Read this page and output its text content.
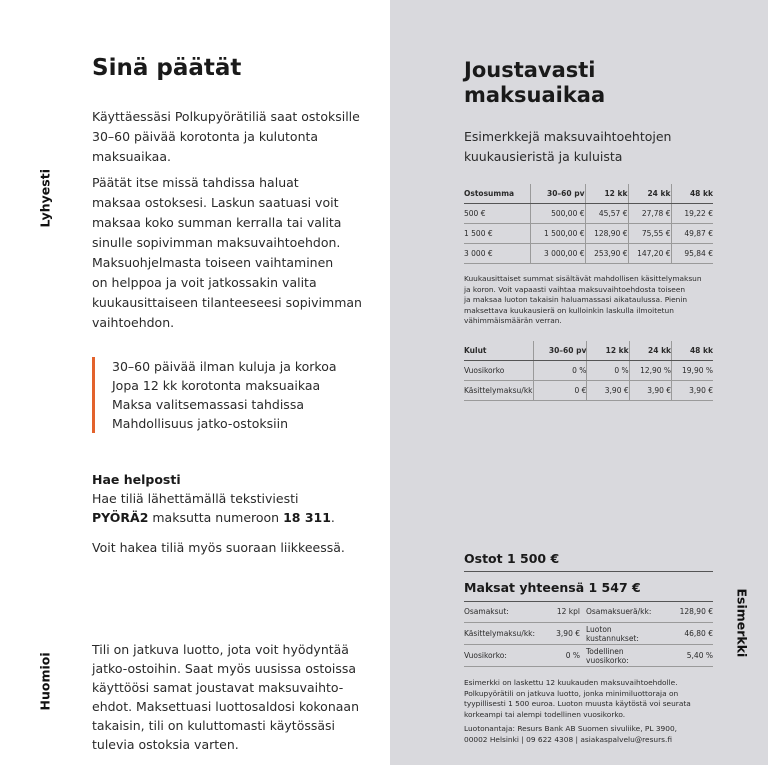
Lyhyesti
Huomioi
Sinä päätät
Käyttäessäsi Polkupyörätiliä saat ostoksille
30–60 päivää korotonta ja kulutonta
maksuaikaa.
Päätät itse missä tahdissa haluat
maksaa ostoksesi. Laskun saatuasi voit
maksaa koko summan kerralla tai valita
sinulle sopivimman maksuvaihtoehdon.
Maksuohjelmasta toiseen vaihtaminen
on helppoa ja voit jatkossakin valita
kuukausittaiseen tilanteeseesi sopivimman
vaihtoehdon.
30–60 päivää ilman kuluja ja korkoa
Jopa 12 kk korotonta maksuaikaa
Maksa valitsemassasi tahdissa
Mahdollisuus jatko-ostoksiin
Hae helposti
Hae tiliä lähettämällä tekstiviesti
PYÖRÄ2 maksutta numeroon 18 311.
Voit hakea tiliä myös suoraan liikkeessä.
Tili on jatkuva luotto, jota voit hyödyntää
jatko-ostoihin. Saat myös uusissa ostoissa
käyttöösi samat joustavat maksuvaihto-
ehdot. Maksettuasi luottosaldosi kokonaan
takaisin, tili on kuluttomasti käytössäsi
tulevia ostoksia varten.
Joustavasti
maksuaikaa
Esimerkkejä maksuvaihtoehtojen
kuukausieristä ja kuluista
Esimerkki
Ostosumma	30–60 pv	12 kk	24 kk	48 kk
500 €	500,00 €	45,57 €	27,78 €	19,22 €
1 500 €	1 500,00 €	128,90 €	75,55 €	49,87 €
3 000 €	3 000,00 €	253,90 €	147,20 €	95,84 €
Kuukausittaiset summat sisältävät mahdollisen käsittelymaksun
ja koron. Voit vapaasti vaihtaa maksuvaihtoehdosta toiseen
ja maksaa luoton takaisin haluamassasi aikataulussa. Pienin
maksettava kuukausierä on kulloinkin laskulla ilmoitetun
vähimmäismäärän verran.
Kulut	30–60 pv	12 kk	24 kk	48 kk
Vuosikorko	0 %	0 %	12,90 %	19,90 %
Käsittelymaksu/kk	0 €	3,90 €	3,90 €	3,90 €
Ostot 1 500 €
Maksat yhteensä 1 547 €
Osamaksut:	12 kpl		Osamaksuerä/kk:	128,90 €
Käsittelymaksu/kk:	3,90 €		Luoton kustannukset:	46,80 €
Vuosikorko:	0 %		Todellinen vuosikorko:	5,40 %

Esimerkki on laskettu 12 kuukauden maksuvaihtoehdolle.
Polkupyörätili on jatkuva luotto, jonka minimiluottoraja on
tyypillisesti 1 500 euroa. Luoton muusta käytöstä voi seurata
korkeampi tai alempi todellinen vuosikorko.

Luotonantaja: Resurs Bank AB Suomen sivuliike, PL 3900,
00002 Helsinki | 09 622 4308 | asiakaspalvelu@resurs.fi
